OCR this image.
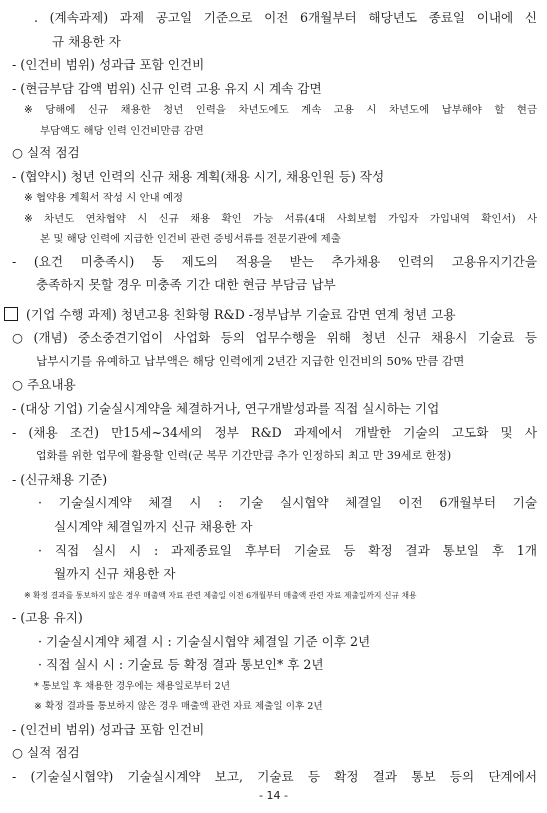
. (계속과제) 과제 공고일 기준으로 이전 6개월부터 해당년도 종료일 이내에 신
규 채용한 자
- (인건비 범위) 성과급 포함 인건비
- (현금부담 감액 범위) 신규 인력 고용 유지 시 계속 감면
※ 당해에 신규 채용한 청년 인력을 차년도에도 계속 고용 시 차년도에 납부해야 할 현금
부담액도 해당 인력 인건비만큼 감면
○ 실적 점검
- (협약시) 청년 인력의 신규 채용 계획(채용 시기, 채용인원 등) 작성
※ 협약용 계획서 작성 시 안내 예정
※ 차년도 연차협약 시 신규 채용 확인 가능 서류(4대 사회보험 가입자 가입내역 확인서) 사
본 및 해당 인력에 지급한 인건비 관련 증빙서류를 전문기관에 제출
- (요건 미충족시) 동 제도의 적용을 받는 추가채용 인력의 고용유지기간을
충족하지 못할 경우 미충족 기간 대한 현금 부담금 납부
(기업 수행 과제) 청년고용 친화형 R&D -정부납부 기술료 감면 연계 청년 고용
○ (개념) 중소중견기업이 사업화 등의 업무수행을 위해 청년 신규 채용시 기술료 등
납부시기를 유예하고 납부액은 해당 인력에게 2년간 지급한 인건비의 50% 만큼 감면
○ 주요내용
- (대상 기업) 기술실시계약을 체결하거나, 연구개발성과를 직접 실시하는 기업
- (채용 조건) 만15세~34세의 정부 R&D 과제에서 개발한 기술의 고도화 및 사
업화를 위한 업무에 활용할 인력(군 복무 기간만큼 추가 인정하되 최고 만 39세로 한정)
- (신규채용 기준)
· 기술실시계약 체결 시 : 기술 실시협약 체결일 이전 6개월부터 기술
실시계약 체결일까지 신규 채용한 자
· 직접 실시 시 : 과제종료일 후부터 기술료 등 확정 결과 통보일 후 1개
월까지 신규 채용한 자
※ 확정 결과를 통보하지 않은 경우 매출액 자료 관련 제출일 이전 6개월부터 매출액 관련 자료 제출일까지 신규 채용
- (고용 유지)
· 기술실시계약 체결 시 : 기술실시협약 체결일 기준 이후 2년
· 직접 실시 시 : 기술료 등 확정 결과 통보인* 후 2년
* 통보일 후 채용한 경우에는 채용일로부터 2년
※ 확정 결과를 통보하지 않은 경우 매출액 관련 자료 제출일 이후 2년
- (인건비 범위) 성과급 포함 인건비
○ 실적 점검
- (기술실시협약) 기술실시계약 보고, 기술료 등 확정 결과 통보 등의 단계에서
- 14 -
